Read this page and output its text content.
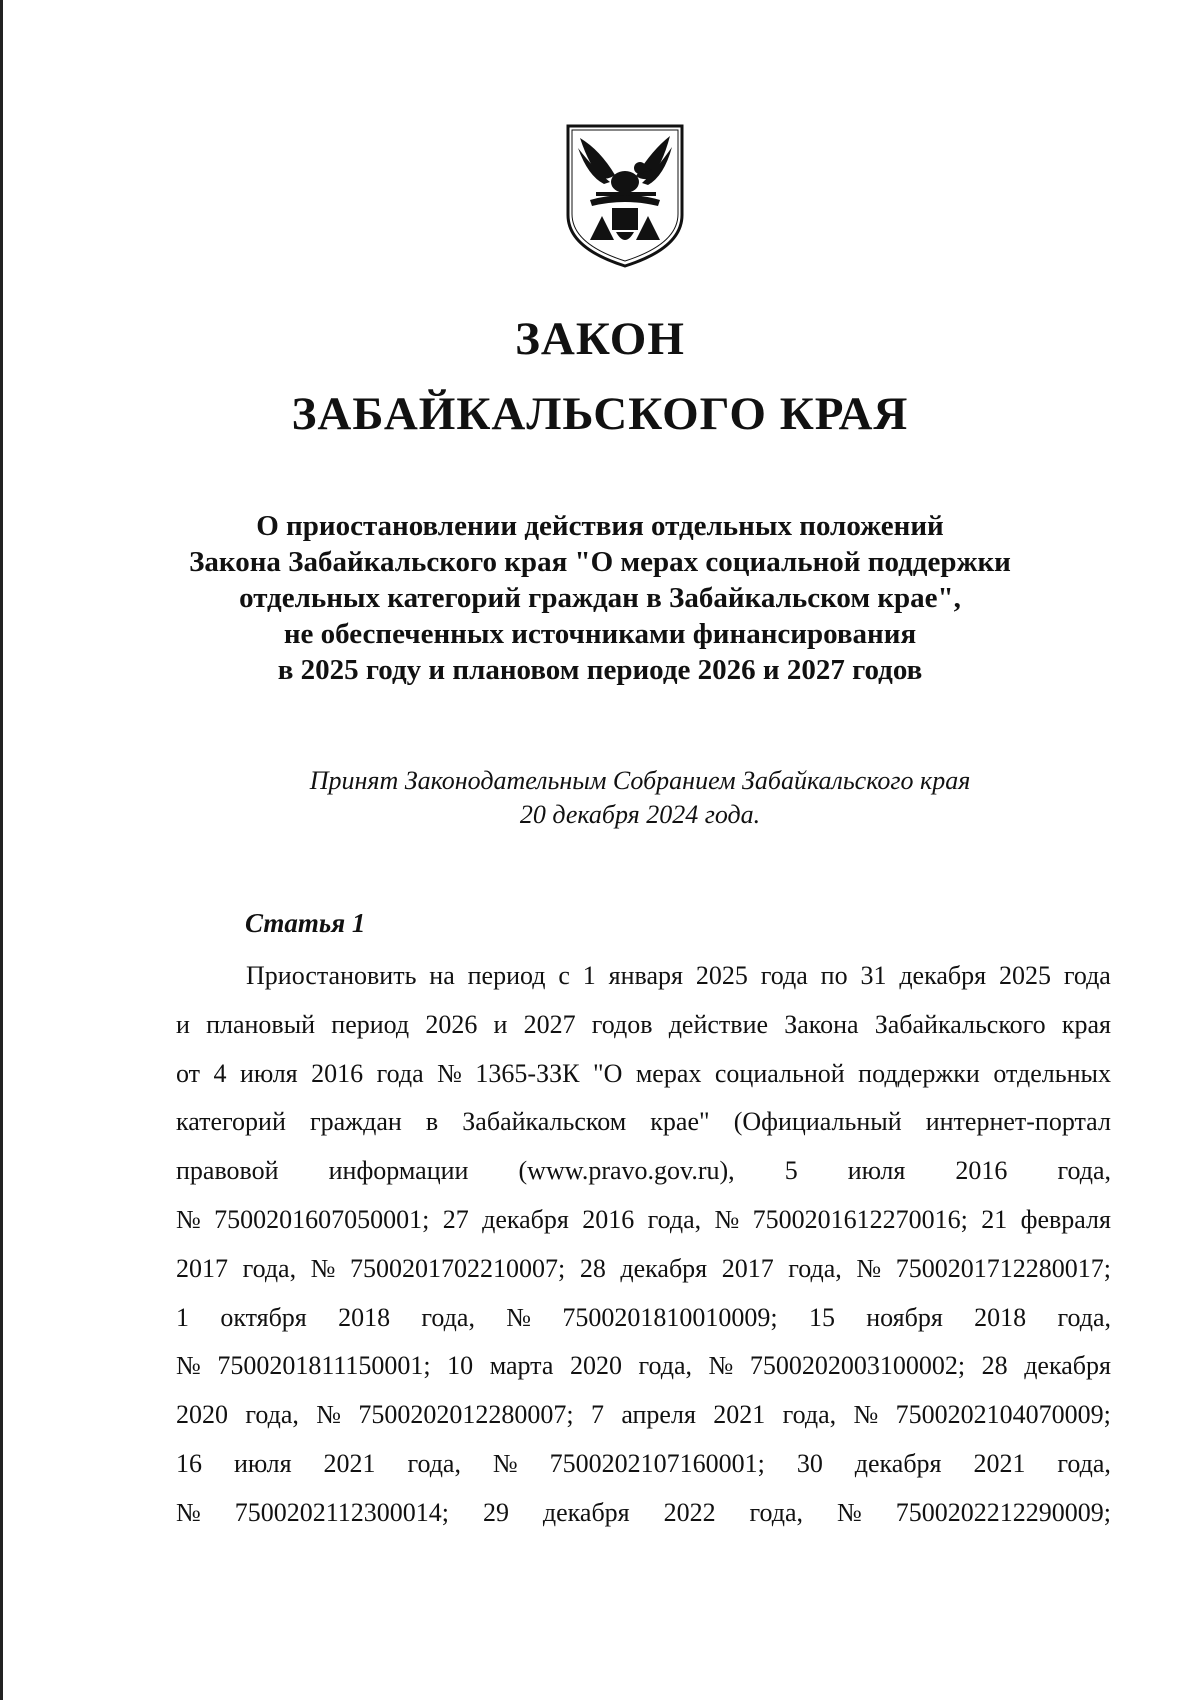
ЗАКОН
ЗАБАЙКАЛЬСКОГО КРАЯ
О приостановлении действия отдельных положений
Закона Забайкальского края "О мерах социальной поддержки
отдельных категорий граждан в Забайкальском крае",
не обеспеченных источниками финансирования
в 2025 году и плановом периоде 2026 и 2027 годов
Принят Законодательным Собранием Забайкальского края
20 декабря 2024 года.
Статья 1
Приостановить на период с 1 января 2025 года по 31 декабря 2025 года
и плановый период 2026 и 2027 годов действие Закона Забайкальского края
от 4 июля 2016 года № 1365-ЗЗК "О мерах социальной поддержки отдельных
категорий граждан в Забайкальском крае" (Официальный интернет-портал
правовой информации (www.pravo.gov.ru), 5 июля 2016 года,
№ 7500201607050001; 27 декабря 2016 года, № 7500201612270016; 21 февраля
2017 года, № 7500201702210007; 28 декабря 2017 года, № 7500201712280017;
1 октября 2018 года, № 7500201810010009; 15 ноября 2018 года,
№ 7500201811150001; 10 марта 2020 года, № 7500202003100002; 28 декабря
2020 года, № 7500202012280007; 7 апреля 2021 года, № 7500202104070009;
16 июля 2021 года, № 7500202107160001; 30 декабря 2021 года,
№ 7500202112300014; 29 декабря 2022 года, № 7500202212290009;
